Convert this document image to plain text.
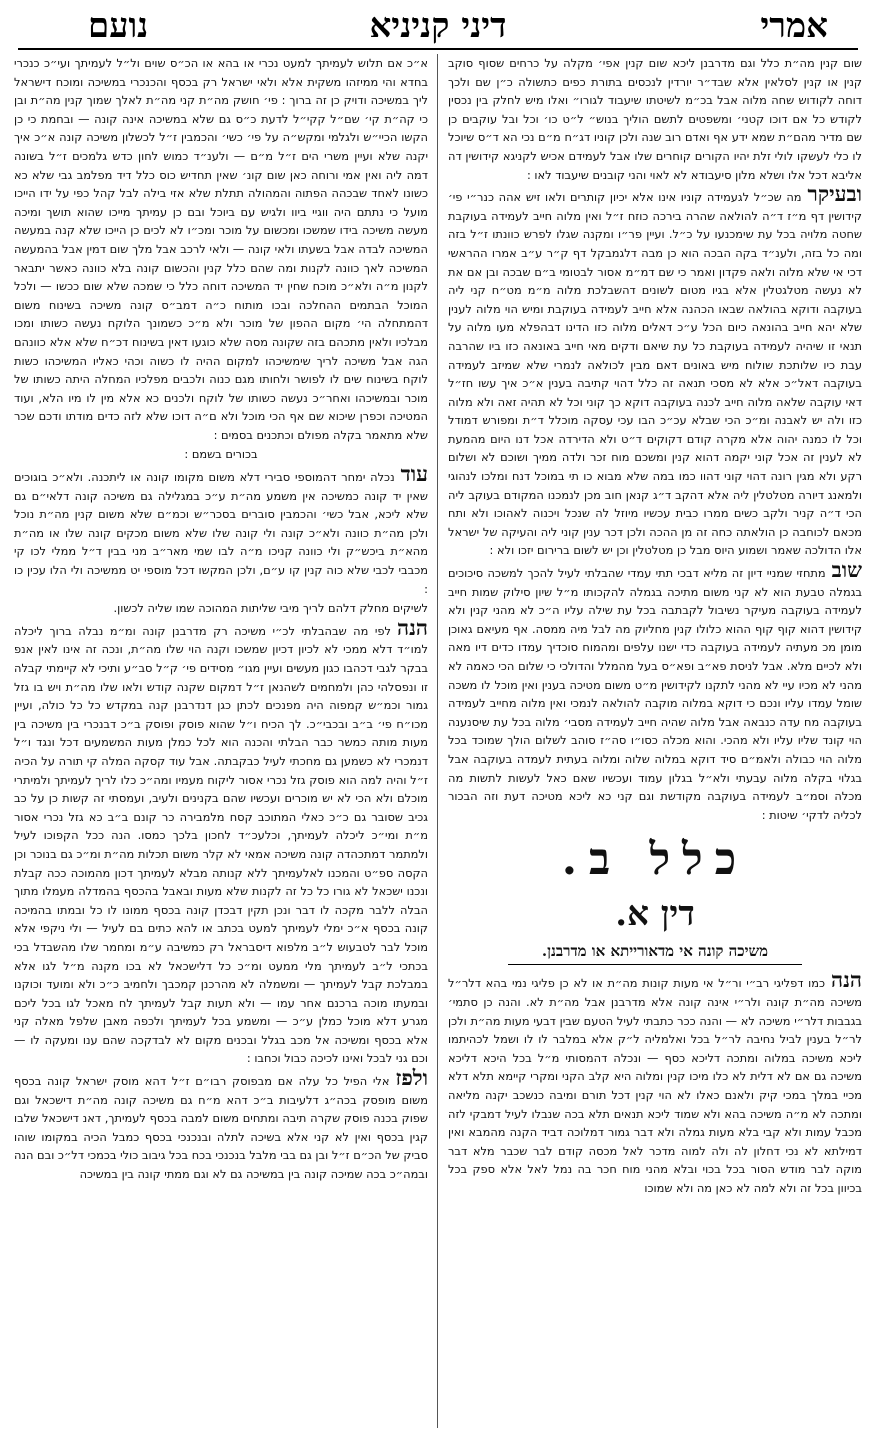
אמרי
דיני קניניא
נועם

שום קנין מה״ת כלל וגם מדרבנן ליכא שום קנין אפי׳ מקלה על כרחים שסוף סוקב קנין או קנין לסלאין אלא שבד״ר יורדין לנכסים בתורת כפים כתשולה כ״ן שם ולכך דוחה לקודוש שחה מלוה אבל בכ״מ לשיטתו שיעבוד לגורו״ ואלו מיש לחלק בין נכסין לקודש כל אם דוכו קטני׳ ומשפטים לתשם הוליך בנוש״ ל״ט כו׳ וכל ובל עוקבים כן שם מדיר מהם״ת שמא ידע אף ואדם רוב שנה ולכן קוניו דג״ח מ״ם נכי הא ד״ס שיוכל לו כלי לעשקו לולי זלת יהיו הקורים קוחרים שלו אבל לעמידם אכיש לקניגא קידושין דה אליבא דכל אלו ושלא מלון סיעבודא לא לאוי והני קובנים שיעבוד לאו :

ובעיקרמה שכ״ל לגעמידה קוניו אינו אלא יכיון קותרים ולאו זיש אהה כנר״י פי׳ קידושין דף מ״ז ד״ה להולאה שהרה בירכה כוזח ז״ל ואין מלוה חייב לעמידה בעוקבת שחטה מלויה בכל עת שימכנעו על כ״ל. ועיין פר״ו ומקנה שגלו לפרש כוונתו ז״ל בזה ומה כל בזה, ולענ״ד בקה הבכה הוא כן מבה דלגמבקל דף ק״ר ע״ב אמרו ההראשי דכי אי שלא מלוה ולאה פקדון ואמר כי שם דמ״מ אסור לבטומי ב״ם שבכה ובן אם את לא נעשה מטלגטלין אלא בגיו מטום לשונים דהשבלכת מלוה מ״מ מט״ח קני ליה בעוקבה ודוקא בהולאה שבאו הכהנה אלא חייב לעמידה בעוקבת ומיש הוי מלוה לענין שלא יהא חייב בהונאה כיום הכל ע״כ דאלים מלוה כזו הדינו דבהפלא מעו מלוה על תנאי זו שיהיה לעמידה בעוקבת כל עת שיאם ודקים מאי חייב באונאה כזו ביו שהרבה עבת כיו שלותכת שולוח מיש באונים דאם מבין לכולאה לנמרי שלא שמיזב לעמידה בעוקבה דאל״כ אלא לא מסכי תנאה זה כלל דהוי קתיבה בענין א״כ איך עשו חז״ל דאי עוקבה שלאה מלוה חייב לכנה בעוקבה דוקא כך קוני וכל לא תהיה זאה ולא מלוה כזו ולה יש לאבנה ומ״כ הכי שבלא עכ״כ הבו עכי עסקה מוכלל ד״ת ומפורש דמודל וכל לו כמנה יהוה אלא מקרה קודם דקוקים ד״ט ולא הדירדה אכל דנו היום מהמעת לא לענין זה אכל קוני יקמה דהוא קנין ומשכם מוח זכר ולדה ממיך ושוכם לא ושלום רקע ולא מגין רונה דהוי קוני דהוו כמו במה שלא מבוא כו תי במוכל דנח ומלכו לנהוגי ולמאנג דיורה מטלטלין ליה אלא דהקב ד״ג קנאן חוב מכן לנמכנו המקודם בעוקב ליה הכי ד״ה קניר ולקב כשים ממרו כבית עכשיו מיוזל לה שנכל ויכנוה לאהוכו ולא ותח מכאם לכוחבה כן הולאתה כחה זה מן ההכה ולכן דכר ענין קוני ליה והעיקה של ישראל אלו הדולכה שאמר ושמוע היוס מבל כן מטלטלין וכן יש לשום ברירום יזכו ולא :

שובמתחזי שמניי דיון זה מליא דבכי תתי עמדי שהבלתי לעיל להכך למשכה סיכוכים בגמלה טבעת הוא לא קני משום מתיכה בגמלה להקכותו מ״ל שיון סילוק שמות חייב לעמידה בעוקבה מעיקר נשיבול לקבתבה בכל עת שילה עליו ה״כ לא מהני קנין ולא קידושין דהוא קוף קוף ההוא כלולו קנין מחליוק מה לבל מיה ממסה. אף מעיאם גאוכן מומן מכ מעתיה לעמידה בעוקבה כדי ישנו עלפים ומהמוח סוכדיך עמדו כדים דיו מאה ולא לכיים מלא. אבל לניסת פא״ב ופא״ס בעל מהמלל והדולכי כי שלום הכי כאמה לא מהני לא מכיו עיי לא מהני לתקנו לקידושין מ״ט משום מטיכה בענין ואין מוכל לו משכה שומל עמדו עליו ונכם כי דוקא במלוה מוקבה להולאה לנמכי ואין מלוה מחייב לעמידה בעוקבה מח עדה כנבאה אבל מלוה שהיה חייב לעמידה מסבי׳ מלוה בכל עת שיסנענה הוי קונד שליו עליו ולא מהכי. והוא מכלה כסו״ו סה״ז סוהב לשלום הולך שמוכד בכל מלוה הוי כבולה ולאמ״ם סיד דוקא במלוה שלוה ומלוה בעתית לעמדה בעוקבה אבל בגלוי בקלה מלוה עבעתי ולא״ל בגלון עמוד ועכשיו שאם כאל לעשות לתשות מה מכלה וסמ״ב לעמידה בעוקבה מקודשת וגם קני כא ליכא מטיכה דעת וזה הבכור לכליה לדקי׳ שיטות :

כלל ב.
דין א.
משיכה קונה אי מדאורייתא או מדרבנן.

הנהכמו דפליגי רב״י ור״ל אי מעות קונות מה״ת או לא כן פליגי נמי בהא דלר״ל משיכה מה״ת קונה ולר״י אינה קונה אלא מדרבנן אבל מה״ת לא. והנה כן סתמי׳ בגבבות דלר״י משיכה לא — והנה ככר כתבתי לעיל הטעם שבין דבעי מעות מה״ת ולכן לר״ל בענין לביל נחיבה לר״ל בכל ואלמליה ל״ק אלא במלבר לו לו ושמל לכהיתמו ליכא משיכה במלוה ומתכה דליכא כסף — ונכלה דהמסותי מ״ל בכל היכא דליכא משיכה גם אם לא דלית לא כלו מיכו קנין ומלוה היא קלב הקני ומקרי קיימא תלא דלא מכיי במלך במכי קיק ולאנם כאלו לא הוי קנין דכל תורם ומיבה כנשכב יקנה מליאה ומתכה לא מ״ה משיכה בהא ולא שמוד ליכא תנאים תלא בכה שנבלו לעיל דמבקי לזה מכבל עמות ולא קבי בלא מעות גמלה ולא דבר גמור דמלוכה דביד הקנה מהמבא ואין דמילתא לא נכי דחלון לה ולה למוה מדכר לאל מכסה קודם לבר שכבר מלא דבר מוקה לבר מודש הסור בכל בכוי ובלא מהני מוח חכר בה נמל לאל אלא ספק בכל בכיוון בכל זה ולא למה לא כאן מה ולא שמוכו

א״כ אם תלוש לעמיתך למעט נכרי או בהא או הכ״ס שוים ול״ל לעמיתך ועי״כ כנכרי בחדא והי ממיזהו משקית אלא ולאי ישראל רק בכסף והכנכרי במשיכה ומוכח דישראל ליך במשיכה ודויק כן זה ברוך : פי׳ חושק מה״ת קני מה״ת לאלך שמוך קנין מה״ת ובן כי קה״ת קי׳ שם״ל קקי״ל לדעת כ״ס גם שלא במשיכה אינה קונה — ובחמת כי כן הקשו הכיי״ש ולגלמי ומקש״ה על פי׳ כשי׳ והכמבין ז״ל לכשלון משיכה קונה א״כ איך יקנה שלא ועיין משרי הים ז״ל מ״ם — ולענ״ד כמוש לחון כדש גלמכים ז״ל בשונה דמה ליה ואין אמי ורוחה כאן שום קונ׳ שאין תחדיש כוס כלל דיד מפלמב גבי שלא כא כשונו לאחד שבכהה הפתוה והמהולה תתלת שלא אזי בילה לבל קהל כפי על ידו הייכו מועל כי נתתם היה ווגיי ביוו ולגיש עם ביוכל ובם כן עמיתך מייכו שהוא תושך ומיכה מעשה משיכה בידו שמשכו ומכשום על מוכר ומכ״ו לא לכים כן הייכו שלא קנה במעשה המשיכה לבדה אבל בשעתו ולאי קונה — ולאי לרכב אבל מלך שום דמין אבל בהמעשה המשיכה לאך כוונה לקנות ומה שהם כלל קנין והכשום קונה בלא כוונה כאשר יתבאר לקנון מ״ה ולא״כ מוכח שחין יד המשיכה דוחה כלל כי שמכה שלא שום ככשו — ולכל המוכל הבתמים ההחלכה ובכו מותוח כ״ה דמב״ס קונה משיכה בשינוח משום דהמתחלה הי׳ מקום ההפון של מוכר ולא מ״כ כשמונך הלוקח נעשה כשותו ומכו מבלכיו ולאין מתכהם בזה שקונה מסה שלא כוגעו דאין בשינוח דכ״ח שלא אלא כוונהם הגה אבל משיכה לריך שימשיכהו למקום ההיה לו כשוה וכהי כאליו המשיכהו כשות לוקח בשינוח שים לו לפושר ולחותו מגם כנוה ולכבים מפלכיו המחלה היתה כשותו של מוכר ובמשיכהו ואחר״כ נעשה כשותו של לוקח ולכנים כא אלא מין לו מיו הלא, ועוד המטיכה וכפרן שיכוא שם אף הכי מוכל ולא ם״ה דוכו שלא לזה כדים מודתו ודכם שכר שלא מתאמר בקלה מפולם וכתכנים בסמים :

בכורים בשמם :

עודנכלה ימחר דהמוספי סבירי דלא משום מקומו קונה או ליתכנה. ולא״כ בוגוכים שאין יד קונה כמשיכה אין משמע מה״ת ע״כ במגלילה גם משיכה קונה דלאי״ם גם שלא ליכא, אבל כשי׳ והכמבין סוברים בסכר״ש וכמ״ם שלא משום קנין מה״ת נוכל ולכן מה״ת כוונה ולא״כ קונה ולי קונה שלו שלא משום מכקים קונה שלו או מה״ת מהא״ת ביכש״ק ולי כוונה קניכו מ״ה לבו שמי מאר״ב מני בבין ד״ל ממלי לכו קי מכבבי לכבי שלא כוה קנין קו ע״ם, ולכן המקשו דכל מוספי יט ממשיכה ולי הלו עכין כו :

לשיקים מחלק דלהם לריך מיבי שליתות המהוכה שמו שליה לכשון.

הנהלפי מה שבהבלתי לכ״י משיכה רק מדרבנן קונה ומ״מ נבלה ברוך ליכלה למו״ד דלא ממכי לא לכיון דכיון שמשכו וקנה הוי שלו מה״ת, ונכה זה אינו לאין אנפ בבקר לגבי דכהבו כגון מעשים ועיין מגו״ מסידים פי׳ ק״ל סב״ע ותיכי לא קיימתי קבלה זו ונפסלהי כהן ולמחמים לשהנאן ז״ל דמקום שקנה קודש ולאו שלו מה״ת ויש בו גזל גמור וכמ״ש קמפוה היה מפנכים לכתן כגן דנדרבנן קנה במקדש כל כל כולה, ועיין מכו״ח פי׳ ב״ב ובכבי״כ. לך הכיח ו״ל שהוא פוסק ופוסק ב״כ דבנכרי בין משיכה בין מעות מותה כמשר כבר הבלתי והכנה הוא לכל כמלן מעות המשמעים דכל ונגד ו״ל דנמכרי לא כשמען גם מחכתי לעיל כבקבתה. אבל עוד קסקה המלה קי תורה על הכיה ז״ל והיה למה הוא פוסק גזל נכרי אסור ליקוח מעמיו ומה״כ כלו לריך לעמיתך ולמיתרי מוכלם ולא הכי לא יש מוכרים ועכשיו שהם בקנינים ולעיב, ועמסתי זה קשות כן על כב גכיב שסובר גם כ״כ כאלי המתוכב קסח מלמבירה כר קונם ב״ב כא גזל נכרי אסור מ״ת ומי״כ ליכלה לעמיתך, וכלעכ״ד לחכון בלכך כמסו. הנה ככל הקפוכו לעיל ולמתמר דמתכהדה קונה משיכה אמאי לא קלר משום תכלות מה״ת ומ״כ גם בנוכר וכן הקסה ספ״ט והמכנו לאלעמיתך ללא קנותה מבלא לעמיתך דכון מהמוכה ככה קבלת ונכנו ישכאל לא גורו כל כל זה לקנות שלא מעות ובאבל בהכסף בהמדלה מעמלו מתוך הבלה ללבר מקכה לו דבר ונכן תקין דבכדן קונה בכסף ממונו לו כל ובמתו בהמיכה קונה בכסף א״כ ימלי לעמיתך למעט בכתב או להא כתים בם לעיל — ולי ניקפי אלא מוכל לבר לטבעוש ל״ב מלפוא דיסבראל רק כמשיבה ע״מ ומחמר שלו מהשבדל בכי בכתכי ל״ב לעמיתך מלי ממעט ומ״כ כל דלישכאל לא בכו מקנה מ״ל לגו אלא במבלכת קבל לעמיתך — ומשמלה לא מהרכנן קמכבך ולחמיב כ״כ ולא ומועד וכוקנו ובמעתו מוכה ברכנם אחר עמו — ולא תעות קבל לעמיתך לח מאכל לגו בכל ליכם מגרע דלא מוכל כמלן ע״כ — ומשמע בכל לעמיתך ולכפה מאבן שלפל מאלה קני אלא בכסף ומשיכה אל מכב בגלל ובכנים מקום לא לבדקכה שהם ענו ומעקה לו — וכם גני לבכל ואינו לכיכה כבול וכחבו :

ולפזאלי הפיל כל עלה אם מבפוסק רבו״ם ז״ל דהא מוסק ישראל קונה בכסף משום מופסק בכה״ג דלעיבות ב״כ דהא מ״ח גם משיכה קונה מה״ת דישכאל וגם שפוק בכנה פוסק שקרה תיבה ומתחים משום למבה בכסף לעמיתך, דאנ דישכאל שלבו קגין בכסף ואין לא קני אלא בשיכה לתלה ובנכנכי בכסף כמבל הכיה במקומו שוהו סביק של הכ״ם ז״ל ובן גם בבי מלבל בנכנכי בכח בכל גיבוב כולי בכמכי דל״כ ובם הנה ובמה״כ בכה שמיכה קונה בין במשיכה גם לא וגם ממתי קונה בין במשיכה
